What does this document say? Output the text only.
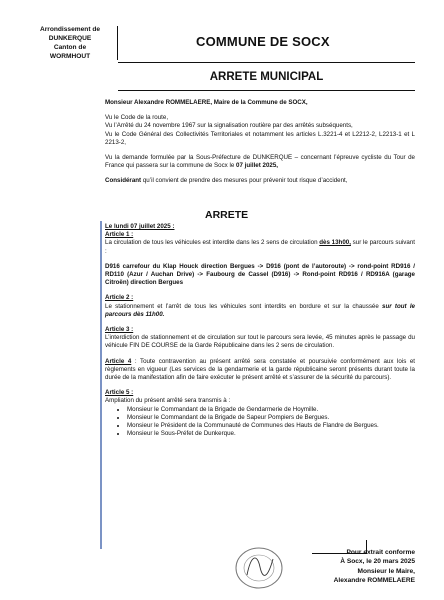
Arrondissement de
DUNKERQUE
Canton de
WORMHOUT
COMMUNE DE SOCX
ARRETE MUNICIPAL
Monsieur Alexandre ROMMELAERE, Maire de la Commune de SOCX,
Vu le Code de la route,
Vu l’Arrêté du 24 novembre 1967 sur la signalisation routière par des arrêtés subséquents,
Vu le Code Général des Collectivités Territoriales et notamment les articles L.3221-4 et L2212-2, L2213-1 et L 2213-2,
Vu la demande formulée par la Sous-Préfecture de DUNKERQUE – concernant l’épreuve cycliste du Tour de France qui passera sur la commune de Socx le 07 juillet 2025,
Considérant qu’il convient de prendre des mesures pour prévenir tout risque d’accident,
ARRETE
Le lundi 07 juillet 2025 :
Article 1 :
La circulation de tous les véhicules est interdite dans les 2 sens de circulation dès 13h00, sur le parcours suivant :
D916 carrefour du Klap Houck direction Bergues -> D916 (pont de l’autoroute) -> rond-point RD916 / RD110 (Azur / Auchan Drive) -> Faubourg de Cassel (D916) -> Rond-point RD916 / RD916A (garage Citroën) direction Bergues
Article 2 :
Le stationnement et l’arrêt de tous les véhicules sont interdits en bordure et sur la chaussée sur tout le parcours dès 11h00.
Article 3 :
L’interdiction de stationnement et de circulation sur tout le parcours sera levée, 45 minutes après le passage du véhicule FIN DE COURSE de la Garde Républicaine dans les 2 sens de circulation.
Article 4 : Toute contravention au présent arrêté sera constatée et poursuivie conformément aux lois et règlements en vigueur (Les services de la gendarmerie et la garde républicaine seront présents durant toute la durée de la manifestation afin de faire exécuter le présent arrêté et s’assurer de la sécurité du parcours).
Article 5 :
Ampliation du présent arrêté sera transmis à :
• Monsieur le Commandant de la Brigade de Gendarmerie de Hoymille.
• Monsieur le Commandant de la Brigade de Sapeur Pompiers de Bergues.
• Monsieur le Président de la Communauté de Communes des Hauts de Flandre de Bergues.
• Monsieur le Sous-Préfet de Dunkerque.
Pour extrait conforme
À Socx, le 20 mars 2025
Monsieur le Maire,
Alexandre ROMMELAERE
